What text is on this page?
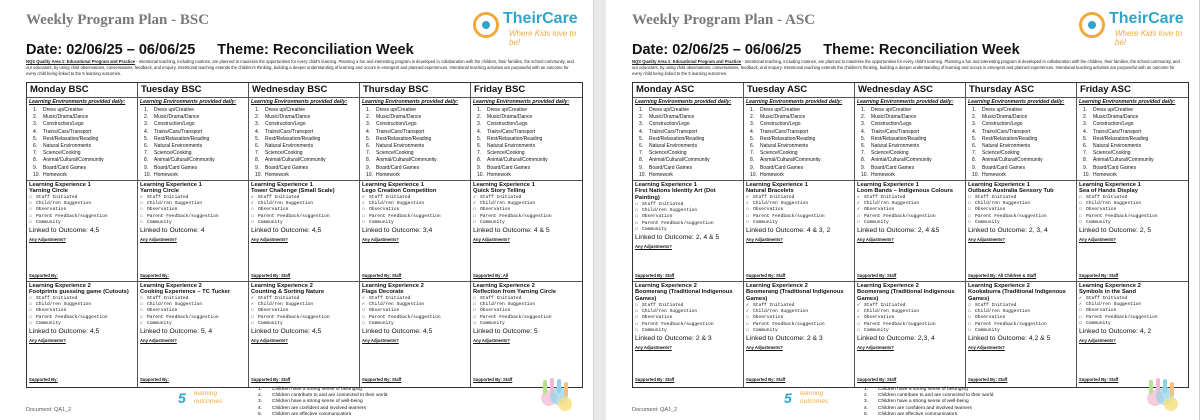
Weekly Program Plan - BSC	TheirCare
Where Kids love to be!
Date: 02/06/25 – 06/06/25 Theme: Reconciliation Week
NQS Quality Area 1: Educational Program and Practice - Intentional teaching, including routines, are planned to maximise the opportunities for every child's learning. Planning a fun and interesting program is developed in collaboration with the children, their families, the school community, and our educators, by using child observations, conversations, feedback, and enquiry. Intentional teaching extends the children's thinking, building a deeper understanding of learning and occurs in emergent and planned experiences. Intentional teaching activities are purposeful with an outcome for every child being linked to the 5 learning outcomes.
Monday BSC
Learning Environments provided daily:
1. Dress up/Creative
2. Music/Drama/Dance
3. Construction/Lego
4. Trains/Cars/Transport
5. Rest/Relaxation/Reading
6. Natural Environments
7. Science/Cooking
8. Animal/Cultural/Community
9. Board/Card Games
10. Homework
Learning Experience 1
Yarning Circle
☐ Staff Initiated
☐ Child/ren Suggestion
☐ Observation
☐ Parent Feedback/suggestion
☐ Community
Linked to Outcome: 4,5
Any Adjustments?
Supported By:
Learning Experience 2
Footprints guessing game (Cutouts)
☐ Staff Initiated
☐ Child/ren Suggestion
☐ Observation
☐ Parent Feedback/suggestion
☐ Community
Linked to Outcome: 4,5
Any Adjustments?
Supported By:
Tuesday BSC
Learning Environments provided daily:
1. Dress up/Creative
2. Music/Drama/Dance
3. Construction/Lego
4. Trains/Cars/Transport
5. Rest/Relaxation/Reading
6. Natural Environments
7. Science/Cooking
8. Animal/Cultural/Community
9. Board/Card Games
10. Homework
Learning Experience 1
Yarning Circle
✓ Staff Initiated
☐ Child/ren Suggestion
☐ Observation
☐ Parent Feedback/suggestion
☐ Community
Linked to Outcome: 4
Any Adjustments?
Supported By:
Learning Experience 2
Cooking Experience – TC Tucker
☐ Staff Initiated
☐ Child/ren Suggestion
☐ Observation
☐ Parent Feedback/suggestion
☐ Community
Linked to Outcome: 5, 4
Any Adjustments?
Supported By:
Wednesday BSC
Learning Environments provided daily:
1. Dress up/Creative
2. Music/Drama/Dance
3. Construction/Lego
4. Trains/Cars/Transport
5. Rest/Relaxation/Reading
6. Natural Environments
7. Science/Cooking
8. Animal/Cultural/Community
9. Board/Card Games
10. Homework
Learning Experience 1
Tower Challenge (Small Scale)
✓ Staff Initiated
✓ Child/ren Suggestion
☐ Observation
☐ Parent Feedback/suggestion
☐ Community
Linked to Outcome: 4,5
Any Adjustments?
Supported By: Staff
Learning Experience 2
Counting & Sorting Nature
✓ Staff Initiated
✓ Child/ren Suggestion
☐ Observation
☐ Parent Feedback/suggestion
☐ Community
Linked to Outcome: 4,5
Any Adjustments?
Supported By: Staff
Thursday BSC
Learning Environments provided daily:
1. Dress up/Creative
2. Music/Drama/Dance
3. Construction/Lego
4. Trains/Cars/Transport
5. Rest/Relaxation/Reading
6. Natural Environments
7. Science/Cooking
8. Animal/Cultural/Community
9. Board/Card Games
10. Homework
Learning Experience 1
Lego Creation Competition
✓ Staff Initiated
✓ Child/ren Suggestion
☐ Observation
☐ Parent Feedback/suggestion
☐ Community
Linked to Outcome: 3,4
Any Adjustments?
Supported By: Staff
Learning Experience 2
Flags Decorate
✓ Staff Initiated
✓ Child/ren Suggestion
☐ Observation
☐ Parent Feedback/suggestion
☐ Community
Linked to Outcome: 4,5
Any Adjustments?
Supported By: Staff
Friday BSC
Learning Environments provided daily:
1. Dress up/Creative
2. Music/Drama/Dance
3. Construction/Lego
4. Trains/Cars/Transport
5. Rest/Relaxation/Reading
6. Natural Environments
7. Science/Cooking
8. Animal/Cultural/Community
9. Board/Card Games
10. Homework
Learning Experience 1
Quick Story Telling
✓ Staff Initiated
✓ Child/ren Suggestion
☐ Observation
☐ Parent Feedback/suggestion
☐ Community
Linked to Outcome: 4 & 5
Any Adjustments?
Supported By: All
Learning Experience 2
Reflection from Yarning Circle
☐ Staff Initiated
☐ Child/ren Suggestion
☐ Observation
☐ Parent Feedback/suggestion
☐ Community
Linked to Outcome: 5
Any Adjustments?
Supported By: Staff
Document: QA1_2
5 learning
outcomes
1. Children have a strong sense of belonging
2. Children contribute to and are connected to their world
3. Children have a strong sense of well-being
4. Children are confident and involved learners
5. Children are effective communicators
Weekly Program Plan - ASC	TheirCare
Where Kids love to be!
Date: 02/06/25 – 06/06/25 Theme: Reconciliation Week
NQS Quality Area 1: Educational Program and Practice - Intentional teaching, including routines, are planned to maximise the opportunities for every child's learning. Planning a fun and interesting program is developed in collaboration with the children, their families, the school community, and our educators, by using child observations, conversations, feedback, and enquiry. Intentional teaching extends the children's thinking, building a deeper understanding of learning and occurs in emergent and planned experiences. Intentional teaching activities are purposeful with an outcome for every child being linked to the 5 learning outcomes.
Monday ASC
Learning Environments provided daily:
1. Dress up/Creative
2. Music/Drama/Dance
3. Construction/Lego
4. Trains/Cars/Transport
5. Rest/Relaxation/Reading
6. Natural Environments
7. Science/Cooking
8. Animal/Cultural/Community
9. Board/Card Games
10. Homework
Learning Experience 1
First Nations Identity Art (Dot Painting)
☐ Staff Initiated
☐ Child/ren Suggestion
☐ Observation
☐ Parent Feedback/suggestion
☐ Community
Linked to Outcome: 2, 4 & 5
Any Adjustments?
Supported By: Staff
Learning Experience 2
Boomerang (Traditional Indigenous Games)
☐ Staff Initiated
☐ Child/ren Suggestion
☐ Observation
☐ Parent Feedback/suggestion
☐ Community
Linked to Outcome: 2 & 3
Any Adjustments?
Supported By: Staff
Tuesday ASC
Learning Environments provided daily:
1. Dress up/Creative
2. Music/Drama/Dance
3. Construction/Lego
4. Trains/Cars/Transport
5. Rest/Relaxation/Reading
6. Natural Environments
7. Science/Cooking
8. Animal/Cultural/Community
9. Board/Card Games
10. Homework
Learning Experience 1
Natural Bracelets
✓ Staff Initiated
✓ Child/ren Suggestion
☐ Observation
☐ Parent Feedback/suggestion
☐ Community
Linked to Outcome: 4 & 3, 2
Any Adjustments?
Supported By: Staff
Learning Experience 2
Boomerang (Traditional Indigenous Games)
✓ Staff Initiated
✓ Child/ren Suggestion
☐ Observation
☐ Parent Feedback/suggestion
☐ Community
Linked to Outcome: 2 & 3
Any Adjustments?
Supported By: Staff
Wednesday ASC
Learning Environments provided daily:
1. Dress up/Creative
2. Music/Drama/Dance
3. Construction/Lego
4. Trains/Cars/Transport
5. Rest/Relaxation/Reading
6. Natural Environments
7. Science/Cooking
8. Animal/Cultural/Community
9. Board/Card Games
10. Homework
Learning Experience 1
Loom Bands – Indigenous Colours
✓ Staff Initiated
✓ Child/ren Suggestion
✓ Observation
☐ Parent Feedback/suggestion
☐ Community
Linked to Outcome: 2, 4 &5
Any Adjustments?
Supported By: Staff
Learning Experience 2
Boomerang (Traditional Indigenous Games)
✓ Staff Initiated
✓ Child/ren Suggestion
✓ Observation
☐ Parent Feedback/suggestion
☐ Community
Linked to Outcome: 2,3, 4
Any Adjustments?
Supported By: Staff
Thursday ASC
Learning Environments provided daily:
1. Dress up/Creative
2. Music/Drama/Dance
3. Construction/Lego
4. Trains/Cars/Transport
5. Rest/Relaxation/Reading
6. Natural Environments
7. Science/Cooking
8. Animal/Cultural/Community
9. Board/Card Games
10. Homework
Learning Experience 1
Outback Australia Sensory Tub
☐ Staff Initiated
☐ Child/ren Suggestion
☐ Observation
☐ Parent Feedback/suggestion
☐ Community
Linked to Outcome: 2, 3, 4
Any Adjustments?
Supported By: All Children & Staff
Learning Experience 2
Kookaburra (Traditional Indigenous Games)
☐ Staff Initiated
☐ Child/ren Suggestion
☐ Observation
☐ Parent Feedback/suggestion
☐ Community
Linked to Outcome: 4,2 & 5
Any Adjustments?
Supported By: Staff
Friday ASC
Learning Environments provided daily:
1. Dress up/Creative
2. Music/Drama/Dance
3. Construction/Lego
4. Trains/Cars/Transport
5. Rest/Relaxation/Reading
6. Natural Environments
7. Science/Cooking
8. Animal/Cultural/Community
9. Board/Card Games
10. Homework
Learning Experience 1
Sea of Hands Display
☐ Staff Initiated
☐ Child/ren Suggestion
☐ Observation
☐ Parent Feedback/suggestion
☐ Community
Linked to Outcome: 2, 5
Any Adjustments?
Supported By: Staff
Learning Experience 2
Symbols in the Sand
✓ Staff Initiated
✓ Child/ren Suggestion
☐ Observation
☐ Parent Feedback/suggestion
☐ Community
Linked to Outcome: 4, 2
Any Adjustments?
Supported By: Staff
Document: QA1_2
5 learning
outcomes
1. Children have a strong sense of belonging
2. Children contribute to and are connected to their world
3. Children have a strong sense of well-being
4. Children are confident and involved learners
5. Children are effective communicators
